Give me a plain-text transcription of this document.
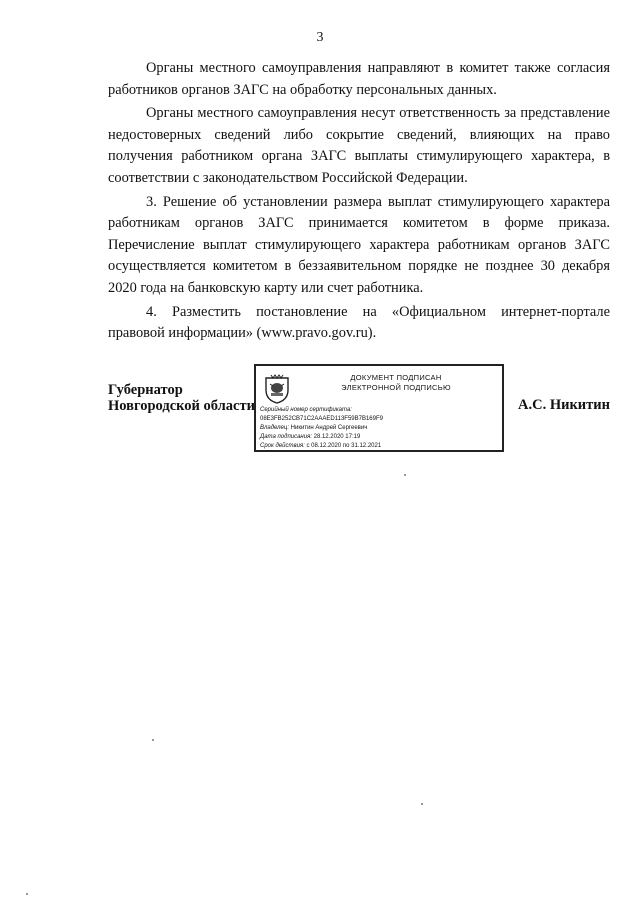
3

Органы местного самоуправления направляют в комитет также согласия работников органов ЗАГС на обработку персональных данных.

Органы местного самоуправления несут ответственность за представление недостоверных сведений либо сокрытие сведений, влияющих на право получения работником органа ЗАГС выплаты стимулирующего характера, в соответствии с законодательством Российской Федерации.

3. Решение об установлении размера выплат стимулирующего характера работникам органов ЗАГС принимается комитетом в форме приказа. Перечисление выплат стимулирующего характера работникам органов ЗАГС осуществляется комитетом в беззаявительном порядке не позднее 30 декабря 2020 года на банковскую карту или счет работника.

4. Разместить постановление на «Официальном интернет-портале правовой информации» (www.pravo.gov.ru).

Губернатор
Новгородской области
ДОКУМЕНТ ПОДПИСАН
ЭЛЕКТРОННОЙ ПОДПИСЬЮ
Серийный номер сертификата:
08E3FB252CB71C2AAAED113F59B7B169F9
Владелец: Никитин Андрей Сергеевич
Дата подписания: 28.12.2020 17:19
Срок действия: с 08.12.2020 по 31.12.2021
А.С. Никитин
